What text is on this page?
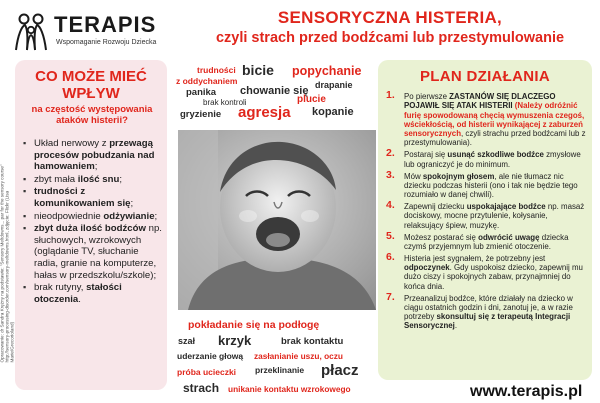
TERAPIS
Wspomaganie Rozwoju Dziecka
SENSORYCZNA HISTERIA,
czyli strach przed bodźcami lub przestymulowanie
Opracowanie: dr Sandra Krężny na podstawie: "Sensory Meltdowns... par for the sensory course" http://sensory-processing-disorder.com/sensory-meltdowns.html, zdjęcie: Flickr (Lisa Marie/Grecorioland)
CO MOŻE MIEĆ WPŁYW
na częstość występowania ataków histerii?
▪ Układ nerwowy z przewagą procesów pobudzania nad hamowaniem;
▪ zbyt mała ilość snu;
▪ trudności z komunikowaniem się;
▪ nieodpowiednie odżywianie;
▪ zbyt duża ilość bodźców np. słuchowych, wzrokowych (oglądanie TV, słuchanie radia, granie na komputerze, hałas w przedszkolu/szkole);
▪ brak rutyny, stałości otoczenia.
trudności
z oddychaniem
bicie popychanie
panika chowanie się drapanie
brak kontroli	plucie
gryzienie agresja kopanie
pokładanie się na podłogę
szał krzyk	brak kontaktu
uderzanie głową zasłanianie uszu, oczu
próba ucieczki przeklinanie płacz
strach unikanie kontaktu wzrokowego
PLAN DZIAŁANIA
1. Po pierwsze ZASTANÓW SIĘ DLACZEGO POJAWIŁ SIĘ ATAK HISTERII (Należy odróżnić furię spowodowaną chęcią wymuszenia czegoś, wściekłością, od histerii wynikającej z zaburzeń sensorycznych, czyli strachu przed bodźcami lub z przestymulowania).
2. Postaraj się usunąć szkodliwe bodźce zmysłowe lub ograniczyć je do minimum.
3. Mów spokojnym głosem, ale nie tłumacz nic dziecku podczas histerii (ono i tak nie będzie tego rozumiało w danej chwili).
4. Zapewnij dziecku uspokajające bodźce np. masaż dociskowy, mocne przytulenie, kołysanie, relaksujący śpiew, muzykę.
5. Możesz postarać się odwrócić uwagę dziecka czymś przyjemnym lub zmienić otoczenie.
6. Histeria jest sygnałem, że potrzebny jest odpoczynek. Gdy uspokoisz dziecko, zapewnij mu dużo ciszy i spokojnych zabaw, przynajmniej do końca dnia.
7. Przeanalizuj bodźce, które działały na dziecko w ciągu ostatnich godzin i dni, zanotuj je, a w razie potrzeby skonsultuj się z terapeutą Integracji Sensorycznej.
www.terapis.pl
